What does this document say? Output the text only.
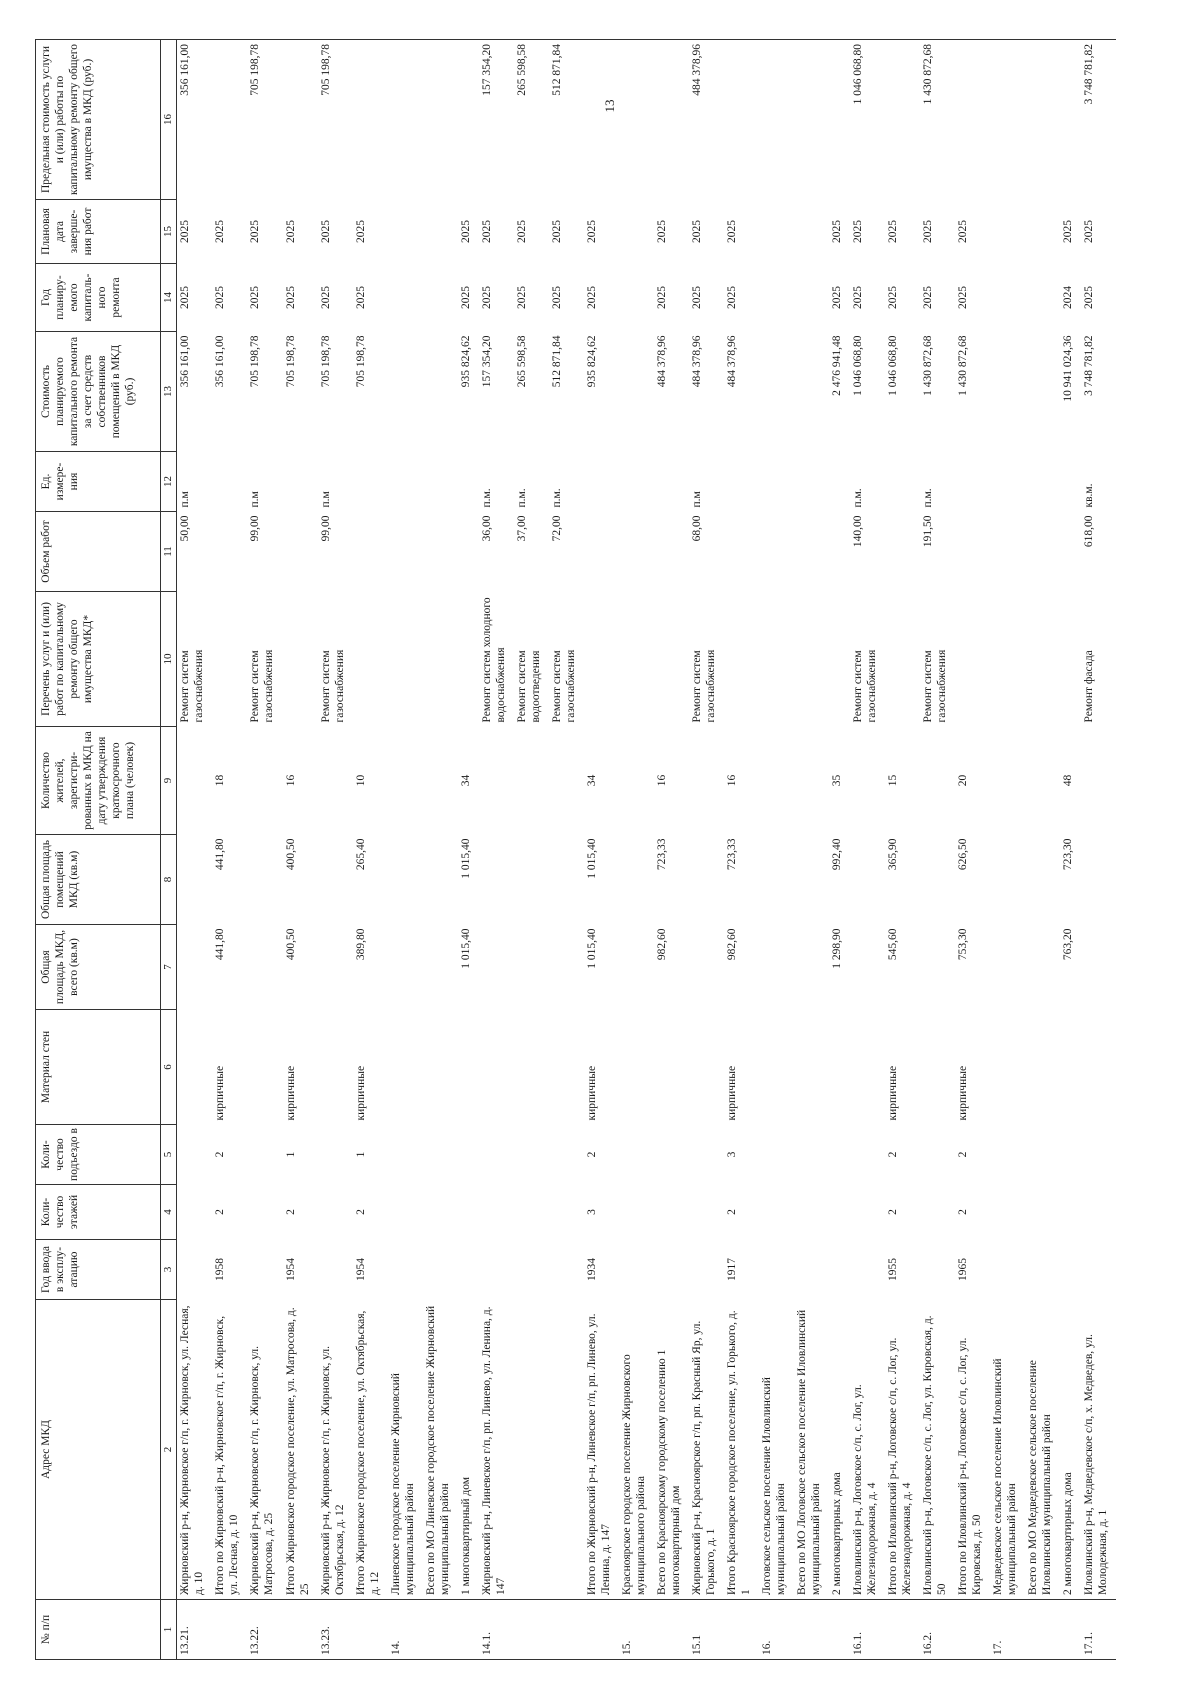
13
№ п/п	Адрес МКД	Год ввода в эксплу-атацию	Коли-чество этажей	Коли-чество подъездо в	Материал стен	Общая площадь МКД, всего (кв.м)	Общая площадь помещений МКД (кв.м)	Количество жителей, зарегистри-рованных в МКД на дату утверждения краткосрочного плана (человек)	Перечень услуг и (или) работ по капитальному ремонту общего имущества МКД*	Объем работ	Ед. измере-ния	Стоимость планируемого капитального ремонта за счет средств собственников помещений в МКД (руб.)	Год планиру-емого капиталь-ного ремонта	Плановая дата заверше-ния работ	Предельная стоимость услуги и (или) работы по капитальному ремонту общего имущества в МКД (руб.)
1	2	3	4	5	6	7	8	9	10	11	12	13	14	15	16
13.21.	Жирновский р-н, Жирновское г/п, г. Жирновск, ул. Лесная, д. 10								Ремонт систем газоснабжения	50,00	п.м	356 161,00	2025	2025	356 161,00
	Итого по Жирновский р-н, Жирновское г/п, г. Жирновск, ул. Лесная, д. 10	1958	2	2	кирпичные	441,80	441,80	18				356 161,00	2025	2025	
13.22.	Жирновский р-н, Жирновское г/п, г. Жирновск, ул. Матросова, д. 25								Ремонт систем газоснабжения	99,00	п.м	705 198,78	2025	2025	705 198,78
	Итого Жирновское городское поселение, ул. Матросова, д. 25	1954	2	1	кирпичные	400,50	400,50	16				705 198,78	2025	2025	
13.23.	Жирновский р-н, Жирновское г/п, г. Жирновск, ул. Октябрьская, д. 12								Ремонт систем газоснабжения	99,00	п.м	705 198,78	2025	2025	705 198,78
	Итого Жирновское городское поселение, ул. Октябрьская, д. 12	1954	2	1	кирпичные	389,80	265,40	10				705 198,78	2025	2025	
14.	Линевское городское поселение Жирновский муниципальный район														
	Всего по МО Линевское городское поселение Жирновский муниципальный район														
	1 многоквартирный дом					1 015,40	1 015,40	34				935 824,62	2025	2025	
14.1.	Жирновский р-н, Линевское г/п, рп. Линево, ул. Ленина, д. 147								Ремонт систем холодного водоснабжения	36,00	п.м.	157 354,20	2025	2025	157 354,20
									Ремонт систем водоотведения	37,00	п.м.	265 598,58	2025	2025	265 598,58
									Ремонт систем газоснабжения	72,00	п.м.	512 871,84	2025	2025	512 871,84
	Итого по Жирновский р-н, Линевское г/п, рп. Линево, ул. Ленина, д. 147	1934	3	2	кирпичные	1 015,40	1 015,40	34				935 824,62	2025	2025	
15.	Красноярское городское поселение Жирновского муниципального района														
	Всего по Красноярскому городскому поселению 1 многоквартирный дом					982,60	723,33	16				484 378,96	2025	2025	
15.1	Жирновский р-н, Красноярское г/п, рп. Красный Яр, ул. Горького, д. 1								Ремонт систем газоснабжения	68,00	п.м	484 378,96	2025	2025	484 378,96
	Итого Красноярское городское поселение, ул. Горького, д. 1	1917	2	3	кирпичные	982,60	723,33	16				484 378,96	2025	2025	
16.	Логовское сельское поселение Иловлинский муниципальный район														
	Всего по МО Логовское сельское поселение Иловлинский муниципальный район														
	2 многоквартирных дома					1 298,90	992,40	35				2 476 941,48	2025	2025	
16.1.	Иловлинский р-н, Логовское с/п, с. Лог, ул. Железнодорожная, д. 4								Ремонт систем газоснабжения	140,00	п.м.	1 046 068,80	2025	2025	1 046 068,80
	Итого по Иловлинский р-н, Логовское с/п, с. Лог, ул. Железнодорожная, д. 4	1955	2	2	кирпичные	545,60	365,90	15				1 046 068,80	2025	2025	
16.2.	Иловлинский р-н, Логовское с/п, с. Лог, ул. Кировская, д. 50								Ремонт систем газоснабжения	191,50	п.м.	1 430 872,68	2025	2025	1 430 872,68
	Итого по Иловлинский р-н, Логовское с/п, с. Лог, ул. Кировская, д. 50	1965	2	2	кирпичные	753,30	626,50	20				1 430 872,68	2025	2025	
17.	Медведевское сельское поселение Иловлинский муниципальный район														
	Всего по МО Медведевское сельское поселение Иловлинский муниципальный район														
	2 многоквартирных дома					763,20	723,30	48				10 941 024,36	2024	2025	
17.1.	Иловлинский р-н, Медведевское с/п, х. Медведев, ул. Молодежная, д. 1								Ремонт фасада	618,00	кв.м.	3 748 781,82	2025	2025	3 748 781,82
